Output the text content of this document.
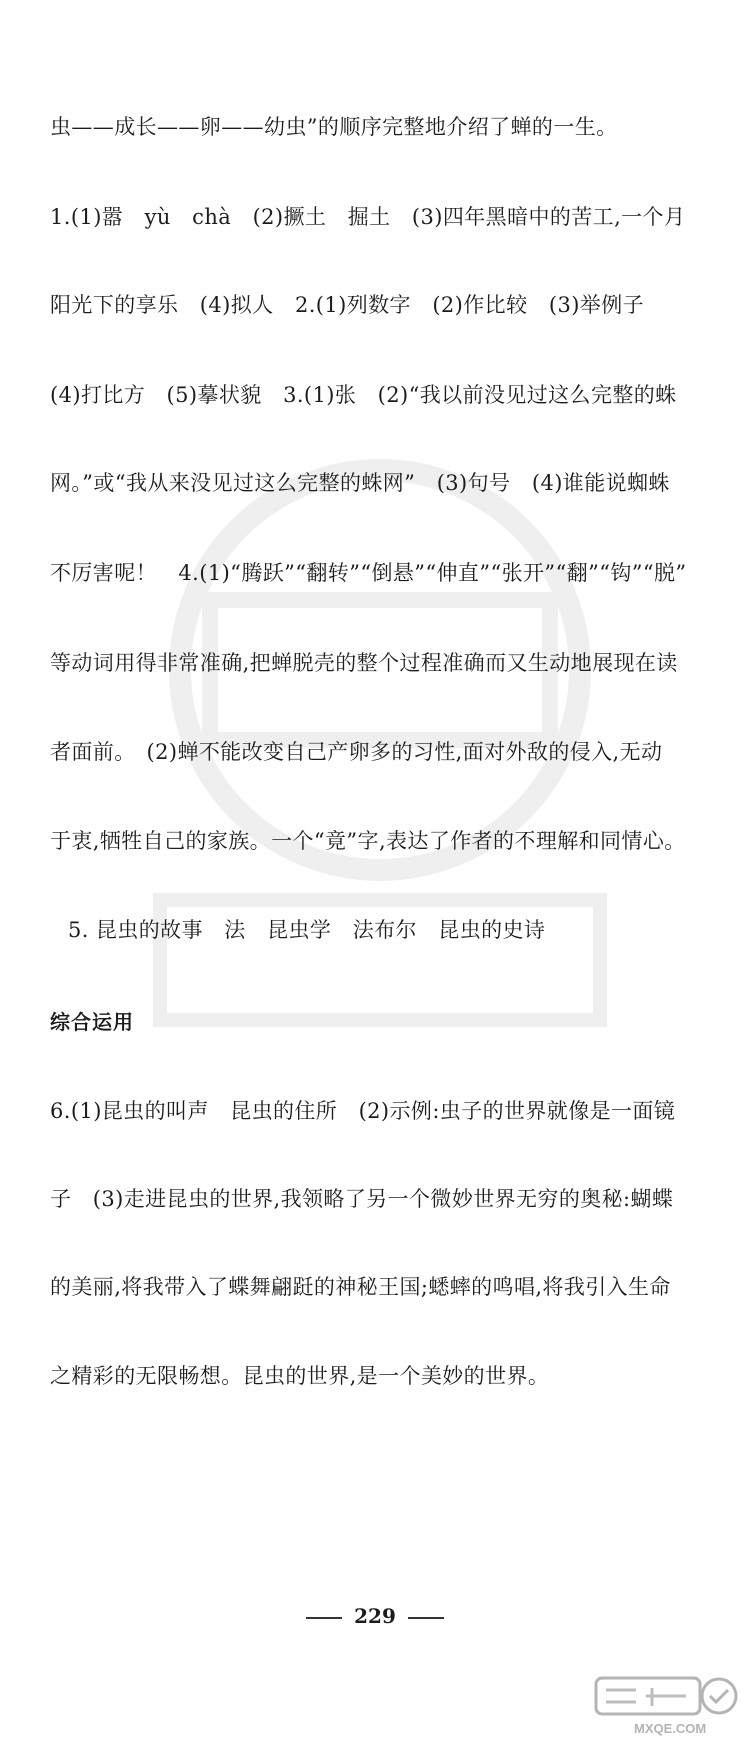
虫——成长——卵——幼虫”的顺序完整地介绍了蝉的一生。
1.(1)嚣　yù　chà　(2)撅土　掘土　(3)四年黑暗中的苦工,一个月
阳光下的享乐　(4)拟人　2.(1)列数字　(2)作比较　(3)举例子
(4)打比方　(5)摹状貌　3.(1)张　(2)“我以前没见过这么完整的蛛
网。”或“我从来没见过这么完整的蛛网”　(3)句号　(4)谁能说蜘蛛
不厉害呢！　4.(1)“腾跃”“翻转”“倒悬”“伸直”“张开”“翻”“钩”“脱”
等动词用得非常准确,把蝉脱壳的整个过程准确而又生动地展现在读
者面前。　(2)蝉不能改变自己产卵多的习性,面对外敌的侵入,无动
于衷,牺牲自己的家族。一个“竟”字,表达了作者的不理解和同情心。
5. 昆虫的故事　法　昆虫学　法布尔　昆虫的史诗
综合运用
6.(1)昆虫的叫声　昆虫的住所　(2)示例:虫子的世界就像是一面镜
子　(3)走进昆虫的世界,我领略了另一个微妙世界无穷的奥秘:蝴蝶
的美丽,将我带入了蝶舞翩跹的神秘王国;蟋蟀的鸣唱,将我引入生命
之精彩的无限畅想。昆虫的世界,是一个美妙的世界。
229
MXQE.COM
